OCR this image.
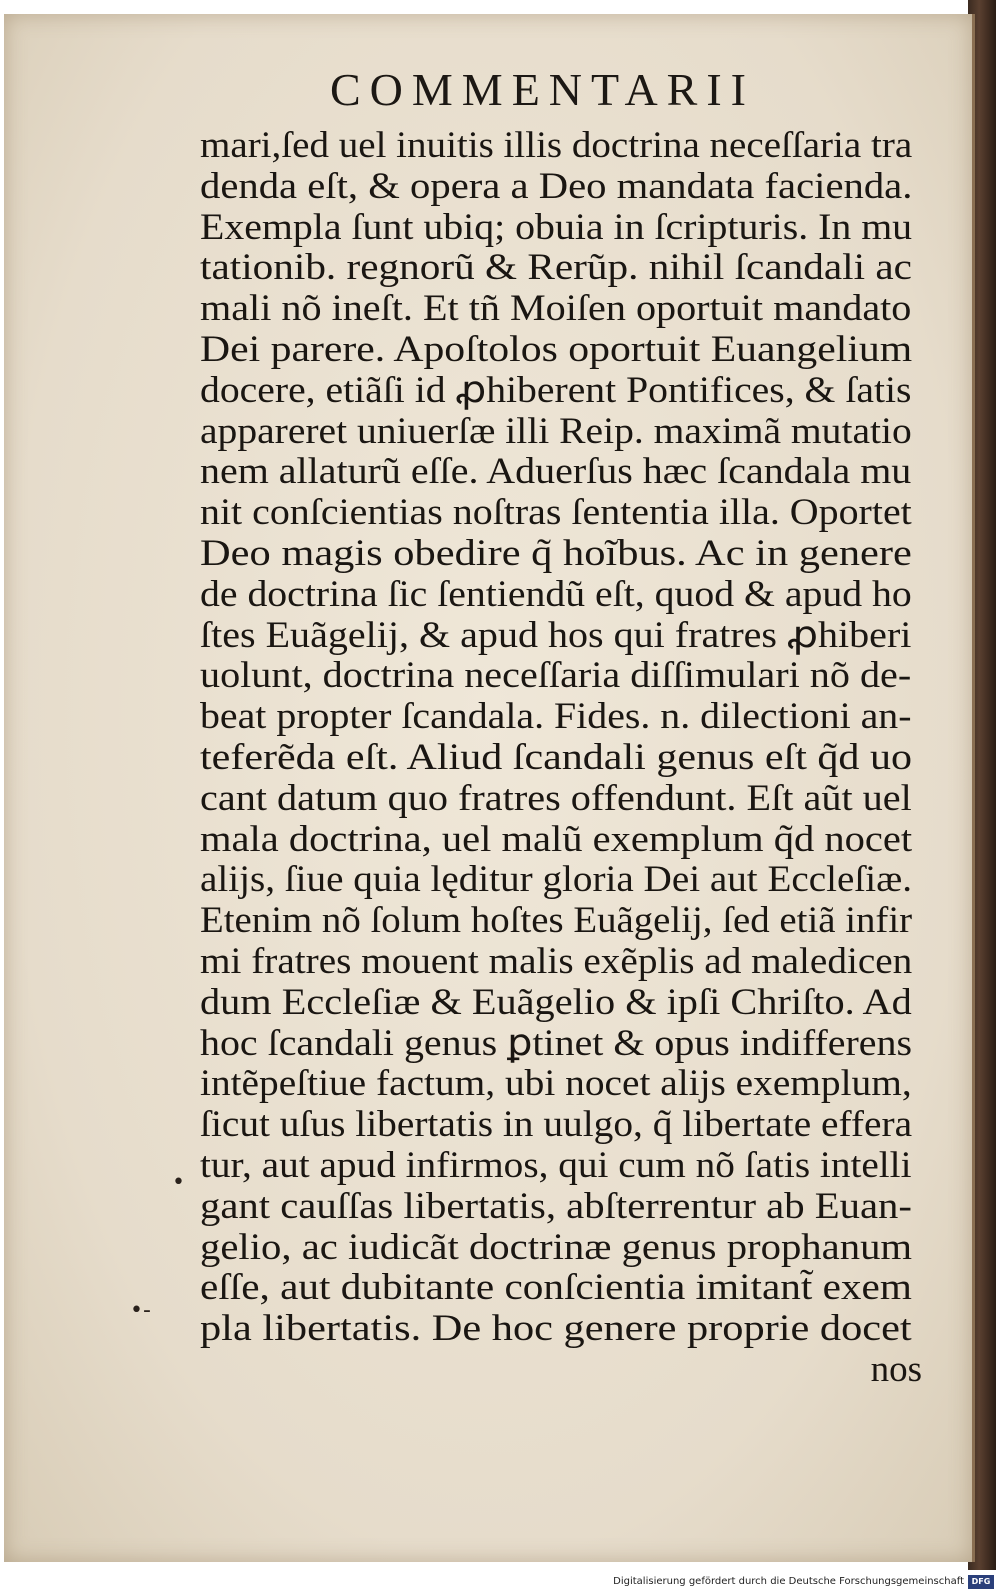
COMMENTARII
mari,ſed uel inuitis illis doctrina neceſſaria tra
denda eſt, & opera a Deo mandata facienda.
Exempla ſunt ubiq; obuia in ſcripturis. In mu
tationib. regnorũ & Rerũp. nihil ſcandali ac
mali nõ ineſt. Et tñ Moiſen oportuit mandato
Dei parere. Apoſtolos oportuit Euangelium
docere, etiãſi id ꝓhiberent Pontifices, & ſatis
appareret uniuerſæ illi Reip. maximã mutatio
nem allaturũ eſſe. Aduerſus hæc ſcandala mu
nit conſcientias noſtras ſententia illa. Oportet
Deo magis obedire q̃ hoĩbus. Ac in genere
de doctrina ſic ſentiendũ eſt, quod & apud ho
ſtes Euãgelij, & apud hos qui fratres ꝓhiberi
uolunt, doctrina neceſſaria diſſimulari nõ de-
beat propter ſcandala. Fides. n. dilectioni an-
teferẽda eſt. Aliud ſcandali genus eſt q̃d uo
cant datum quo fratres offendunt. Eſt aũt uel
mala doctrina, uel malũ exemplum q̃d nocet
alijs, ſiue quia lęditur gloria Dei aut Eccleſiæ.
Etenim nõ ſolum hoſtes Euãgelij, ſed etiã infir
mi fratres mouent malis exẽplis ad maledicen
dum Eccleſiæ & Euãgelio & ipſi Chriſto. Ad
hoc ſcandali genus ꝑtinet & opus indifferens
intẽpeſtiue factum, ubi nocet alijs exemplum,
ſicut uſus libertatis in uulgo, q̃ libertate effera
tur, aut apud infirmos, qui cum nõ ſatis intelli
gant cauſſas libertatis, abſterrentur ab Euan-
gelio, ac iudicãt doctrinæ genus prophanum
eſſe, aut dubitante conſcientia imitant̃ exem
pla libertatis. De hoc genere proprie docet
nos
•
•-
Digitalisierung gefördert durch die Deutsche Forschungsgemeinschaft DFG
